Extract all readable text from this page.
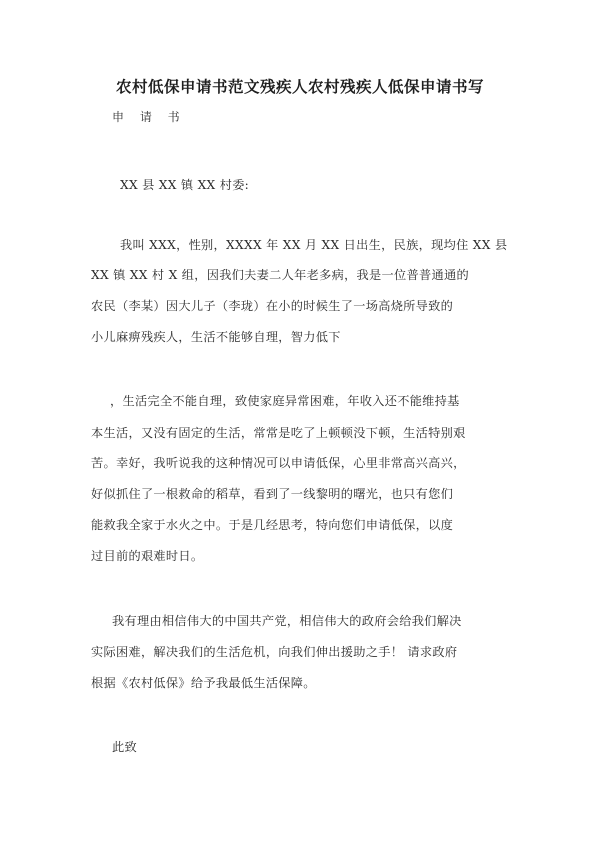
农村低保申请书范文残疾人农村残疾人低保申请书写
申 请 书
XX 县 XX 镇 XX 村委:
我叫 XXX，性别，XXXX 年 XX 月 XX 日出生，民族，现均住 XX 县
XX 镇 XX 村 X 组，因我们夫妻二人年老多病，我是一位普普通通的
农民（李某）因大儿子（李珑）在小的时候生了一场高烧所导致的
小儿麻痹残疾人，生活不能够自理，智力低下
，生活完全不能自理，致使家庭异常困难，年收入还不能维持基
本生活，又没有固定的生活，常常是吃了上顿顿没下顿，生活特别艰
苦。幸好，我听说我的这种情况可以申请低保，心里非常高兴高兴，
好似抓住了一根救命的稻草，看到了一线黎明的曙光，也只有您们
能救我全家于水火之中。于是几经思考，特向您们申请低保，以度
过目前的艰难时日。
我有理由相信伟大的中国共产党，相信伟大的政府会给我们解决
实际困难，解决我们的生活危机，向我们伸出援助之手！ 请求政府
根据《农村低保》给予我最低生活保障。
此致
